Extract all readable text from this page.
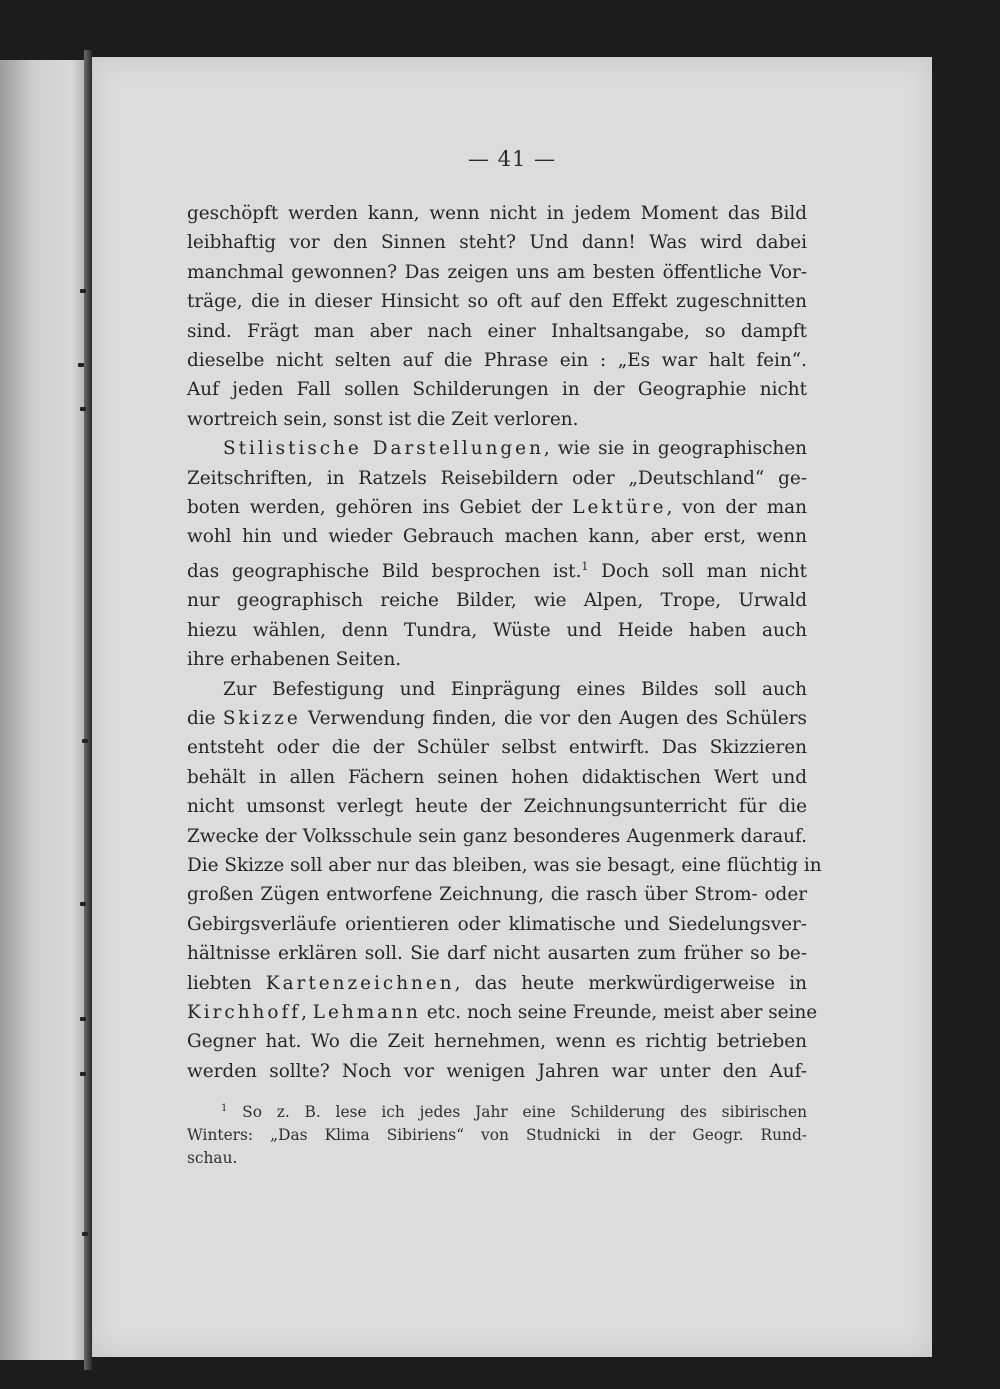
— 41 —
geschöpft werden kann, wenn nicht in jedem Moment das Bild
leibhaftig vor den Sinnen steht? Und dann! Was wird dabei
manchmal gewonnen? Das zeigen uns am besten öffentliche Vor-
träge, die in dieser Hinsicht so oft auf den Effekt zugeschnitten
sind. Frägt man aber nach einer Inhaltsangabe, so dampft
dieselbe nicht selten auf die Phrase ein : „Es war halt fein“.
Auf jeden Fall sollen Schilderungen in der Geographie nicht
wortreich sein, sonst ist die Zeit verloren.
Stilistische Darstellungen, wie sie in geographischen
Zeitschriften, in Ratzels Reisebildern oder „Deutschland“ ge-
boten werden, gehören ins Gebiet der Lektüre, von der man
wohl hin und wieder Gebrauch machen kann, aber erst, wenn
das geographische Bild besprochen ist.$^1$ Doch soll man nicht
nur geographisch reiche Bilder, wie Alpen, Trope, Urwald
hiezu wählen, denn Tundra, Wüste und Heide haben auch
ihre erhabenen Seiten.
Zur Befestigung und Einprägung eines Bildes soll auch
die Skizze Verwendung finden, die vor den Augen des Schülers
entsteht oder die der Schüler selbst entwirft. Das Skizzieren
behält in allen Fächern seinen hohen didaktischen Wert und
nicht umsonst verlegt heute der Zeichnungsunterricht für die
Zwecke der Volksschule sein ganz besonderes Augenmerk darauf.
Die Skizze soll aber nur das bleiben, was sie besagt, eine flüchtig in
großen Zügen entworfene Zeichnung, die rasch über Strom- oder
Gebirgsverläufe orientieren oder klimatische und Siedelungsver-
hältnisse erklären soll. Sie darf nicht ausarten zum früher so be-
liebten Kartenzeichnen, das heute merkwürdigerweise in
Kirchhoff, Lehmann etc. noch seine Freunde, meist aber seine
Gegner hat. Wo die Zeit hernehmen, wenn es richtig betrieben
werden sollte? Noch vor wenigen Jahren war unter den Auf-
$^1$ So z. B. lese ich jedes Jahr eine Schilderung des sibirischen
Winters: „Das Klima Sibiriens“ von Studnicki in der Geogr. Rund-
schau.
